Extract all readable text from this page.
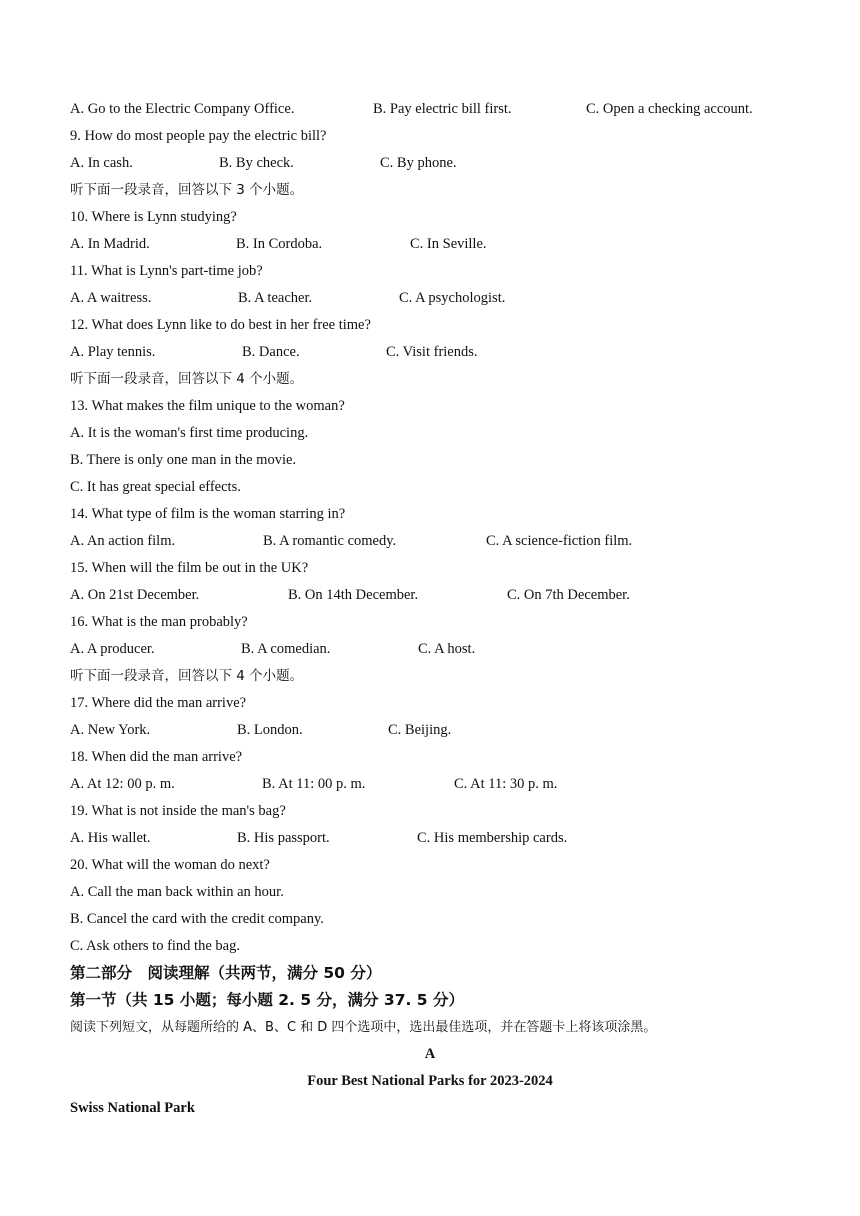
A. Go to the Electric Company Office.	B. Pay electric bill first.	C. Open a checking account.
9. How do most people pay the electric bill?
A. In cash.	B. By check.	C. By phone.
听下面一段录音，回答以下 3 个小题。
10. Where is Lynn studying?
A. In Madrid.	B. In Cordoba.	C. In Seville.
11. What is Lynn's part-time job?
A. A waitress.	B. A teacher.	C. A psychologist.
12. What does Lynn like to do best in her free time?
A. Play tennis.	B. Dance.	C. Visit friends.
听下面一段录音，回答以下 4 个小题。
13. What makes the film unique to the woman?
A. It is the woman's first time producing.
B. There is only one man in the movie.
C. It has great special effects.
14. What type of film is the woman starring in?
A. An action film.	B. A romantic comedy.	C. A science-fiction film.
15. When will the film be out in the UK?
A. On 21st December.	B. On 14th December.	C. On 7th December.
16. What is the man probably?
A. A producer.	B. A comedian.	C. A host.
听下面一段录音，回答以下 4 个小题。
17. Where did the man arrive?
A. New York.	B. London.	C. Beijing.
18. When did the man arrive?
A. At 12: 00 p. m.	B. At 11: 00 p. m.	C. At 11: 30 p. m.
19. What is not inside the man's bag?
A. His wallet.	B. His passport.	C. His membership cards.
20. What will the woman do next?
A. Call the man back within an hour.
B. Cancel the card with the credit company.
C. Ask others to find the bag.
第二部分　阅读理解（共两节，满分 50 分）
第一节（共 15 小题；每小题 2. 5 分，满分 37. 5 分）
阅读下列短文，从每题所给的 A、B、C 和 D 四个选项中，选出最佳选项，并在答题卡上将该项涂黑。
A
Four Best National Parks for 2023-2024
Swiss National Park
